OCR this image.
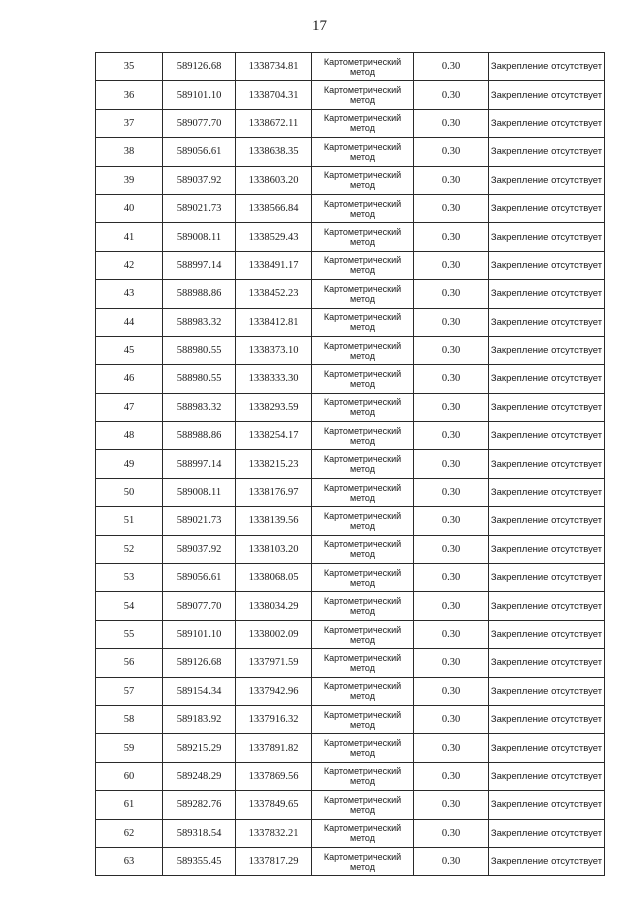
17
35	589126.68	1338734.81	Картометрический метод	0.30	Закрепление отсутствует
36	589101.10	1338704.31	Картометрический метод	0.30	Закрепление отсутствует
37	589077.70	1338672.11	Картометрический метод	0.30	Закрепление отсутствует
38	589056.61	1338638.35	Картометрический метод	0.30	Закрепление отсутствует
39	589037.92	1338603.20	Картометрический метод	0.30	Закрепление отсутствует
40	589021.73	1338566.84	Картометрический метод	0.30	Закрепление отсутствует
41	589008.11	1338529.43	Картометрический метод	0.30	Закрепление отсутствует
42	588997.14	1338491.17	Картометрический метод	0.30	Закрепление отсутствует
43	588988.86	1338452.23	Картометрический метод	0.30	Закрепление отсутствует
44	588983.32	1338412.81	Картометрический метод	0.30	Закрепление отсутствует
45	588980.55	1338373.10	Картометрический метод	0.30	Закрепление отсутствует
46	588980.55	1338333.30	Картометрический метод	0.30	Закрепление отсутствует
47	588983.32	1338293.59	Картометрический метод	0.30	Закрепление отсутствует
48	588988.86	1338254.17	Картометрический метод	0.30	Закрепление отсутствует
49	588997.14	1338215.23	Картометрический метод	0.30	Закрепление отсутствует
50	589008.11	1338176.97	Картометрический метод	0.30	Закрепление отсутствует
51	589021.73	1338139.56	Картометрический метод	0.30	Закрепление отсутствует
52	589037.92	1338103.20	Картометрический метод	0.30	Закрепление отсутствует
53	589056.61	1338068.05	Картометрический метод	0.30	Закрепление отсутствует
54	589077.70	1338034.29	Картометрический метод	0.30	Закрепление отсутствует
55	589101.10	1338002.09	Картометрический метод	0.30	Закрепление отсутствует
56	589126.68	1337971.59	Картометрический метод	0.30	Закрепление отсутствует
57	589154.34	1337942.96	Картометрический метод	0.30	Закрепление отсутствует
58	589183.92	1337916.32	Картометрический метод	0.30	Закрепление отсутствует
59	589215.29	1337891.82	Картометрический метод	0.30	Закрепление отсутствует
60	589248.29	1337869.56	Картометрический метод	0.30	Закрепление отсутствует
61	589282.76	1337849.65	Картометрический метод	0.30	Закрепление отсутствует
62	589318.54	1337832.21	Картометрический метод	0.30	Закрепление отсутствует
63	589355.45	1337817.29	Картометрический метод	0.30	Закрепление отсутствует
